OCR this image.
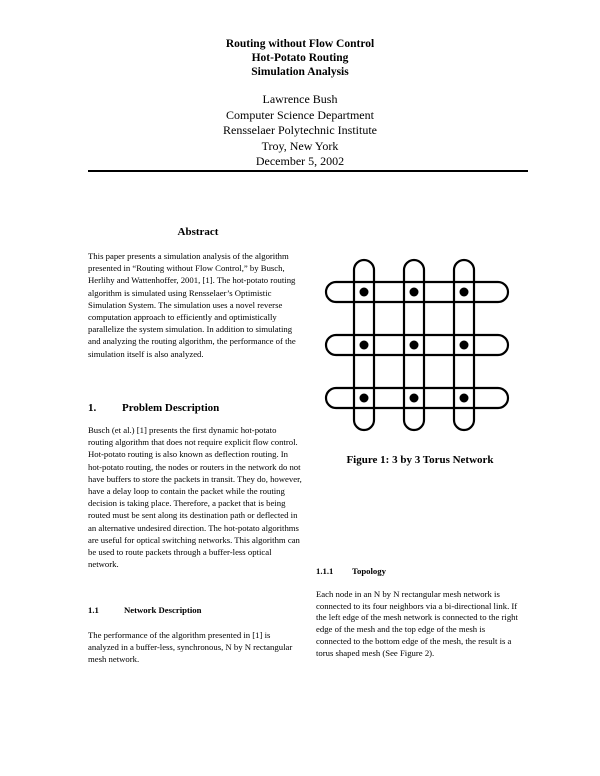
Routing without Flow Control
Hot-Potato Routing
Simulation Analysis
Lawrence Bush
Computer Science Department
Rensselaer Polytechnic Institute
Troy, New York
December 5, 2002
Abstract

This paper presents a simulation analysis of the algorithm presented in “Routing without Flow Control,” by Busch, Herlihy and Wattenhoffer, 2001, [1]. The hot-potato routing algorithm is simulated using Rensselaer’s Optimistic Simulation System. The simulation uses a novel reverse computation approach to efficiently and optimistically parallelize the system simulation. In addition to simulating and analyzing the routing algorithm, the performance of the simulation itself is also analyzed.

1. Problem Description

Busch (et al.) [1] presents the first dynamic hot-potato routing algorithm that does not require explicit flow control. Hot-potato routing is also known as deflection routing. In hot-potato routing, the nodes or routers in the network do not have buffers to store the packets in transit. They do, however, have a delay loop to contain the packet while the routing decision is taking place. Therefore, a packet that is being routed must be sent along its destination path or deflected in an alternative undesired direction. The hot-potato algorithms are useful for optical switching networks. This algorithm can be used to route packets through a buffer-less optical network.

1.1	Network Description

The performance of the algorithm presented in [1] is analyzed in a buffer-less, synchronous, N by N rectangular mesh network.

Figure 1: 3 by 3 Torus Network
1.1.1 Topology

Each node in an N by N rectangular mesh network is connected to its four neighbors via a bi-directional link. If the left edge of the mesh network is connected to the right edge of the mesh and the top edge of the mesh is connected to the bottom edge of the mesh, the result is a torus shaped mesh (See Figure 2).
